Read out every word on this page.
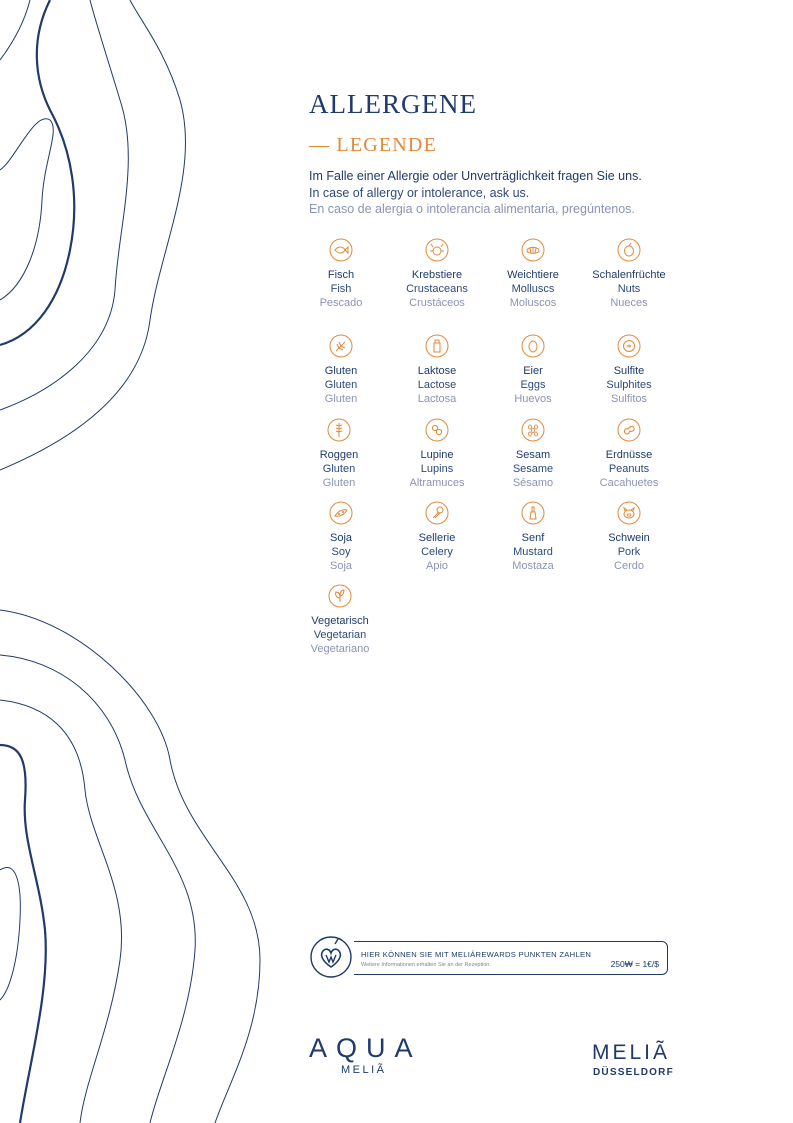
ALLERGENE
— LEGENDE
Im Falle einer Allergie oder Unverträglichkeit fragen Sie uns.
In case of allergy or intolerance, ask us.
En caso de alergia o intolerancia alimentaria, pregúntenos.
Fisch
Fish
Pescado
Krebstiere
Crustaceans
Crustáceos
Weichtiere
Molluscs
Moluscos
Schalenfrüchte
Nuts
Nueces
Gluten
Gluten
Gluten
Laktose
Lactose
Lactosa
Eier
Eggs
Huevos
Sulfite
Sulphites
Sulfitos
Roggen
Gluten
Gluten
Lupine
Lupins
Altramuces
Sesam
Sesame
Sésamo
Erdnüsse
Peanuts
Cacahuetes
Soja
Soy
Soja
Sellerie
Celery
Apio
Senf
Mustard
Mostaza
Schwein
Pork
Cerdo
Vegetarisch
Vegetarian
Vegetariano
HIER KÖNNEN SIE MIT MELIÁREWARDS PUNKTEN ZAHLEN
Weitere Informationen erhalten Sie an der Rezeption.	250₩ = 1€/$
AQUA
MELIÃ
MELIÃ
DÜSSELDORF
